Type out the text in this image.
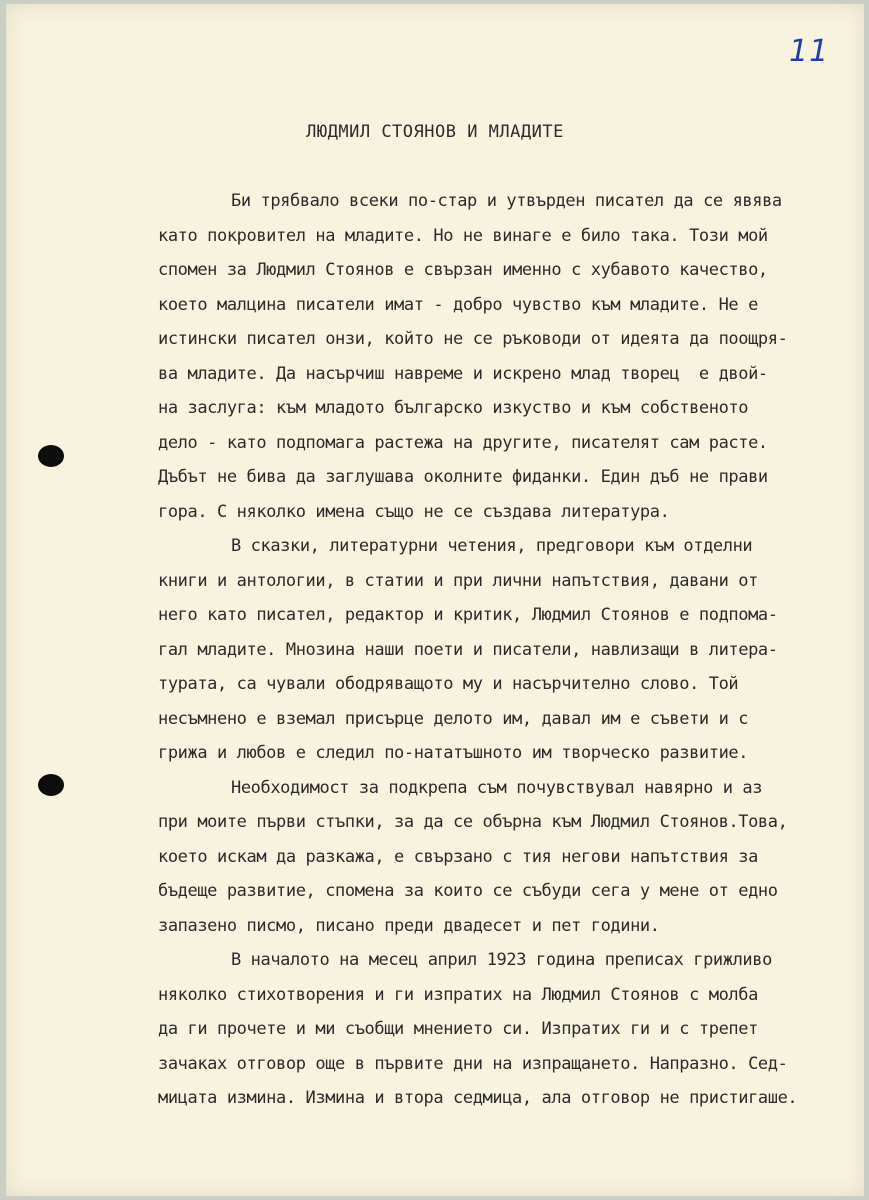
11
ЛЮДМИЛ СТОЯНОВ И МЛАДИТЕ
Би трябвало всеки по-стар и утвърден писател да се явява
като покровител на младите. Но не винаге е било така. Този мой
спомен за Людмил Стоянов е свързан именно с хубавото качество,
което малцина писатели имат - добро чувство към младите. Не е
истински писател онзи, който не се ръководи от идеята да поощря-
ва младите. Да насърчиш навреме и искрено млад творец  е двой-
на заслуга: към младото българско изкуство и към собственото
дело - като подпомага растежа на другите, писателят сам расте.
Дъбът не бива да заглушава околните фиданки. Един дъб не прави
гора. С няколко имена също не се създава литература.
В сказки, литературни четения, предговори към отделни
книги и антологии, в статии и при лични напътствия, давани от
него като писател, редактор и критик, Людмил Стоянов е подпома-
гал младите. Мнозина наши поети и писатели, навлизащи в литера-
турата, са чували ободряващото му и насърчително слово. Той
несъмнено е вземал присърце делото им, давал им е съвети и с
грижа и любов е следил по-нататъшното им творческо развитие.
Необходимост за подкрепа съм почувствувал навярно и аз
при моите първи стъпки, за да се обърна към Людмил Стоянов.Това,
което искам да разкажа, е свързано с тия негови напътствия за
бъдеще развитие, спомена за които се събуди сега у мене от едно
запазено писмо, писано преди двадесет и пет години.
В началото на месец април 1923 година преписах грижливо
няколко стихотворения и ги изпратих на Людмил Стоянов с молба
да ги прочете и ми съобщи мнението си. Изпратих ги и с трепет
зачаках отговор още в първите дни на изпращането. Напразно. Сед-
мицата измина. Измина и втора седмица, ала отговор не пристигаше.
